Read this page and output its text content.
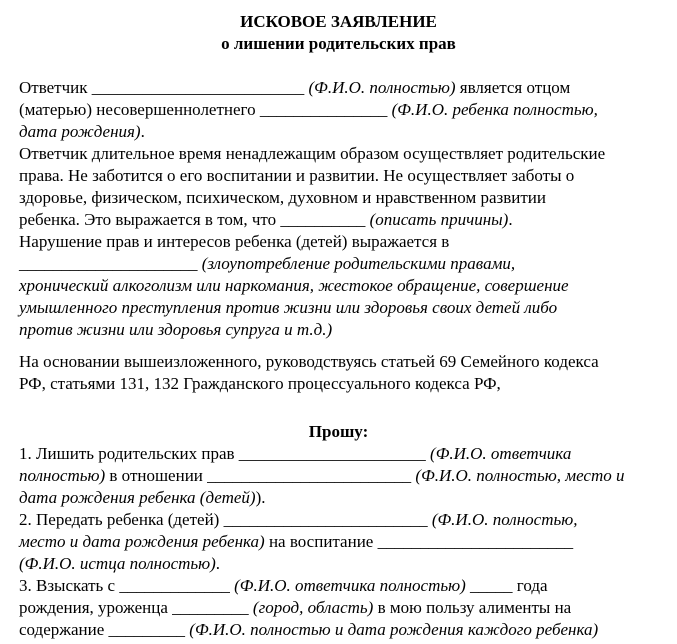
ИСКОВОЕ ЗАЯВЛЕНИЕ
о лишении родительских прав
Ответчик _________________________ (Ф.И.О. полностью) является отцом
(матерью) несовершеннолетнего _______________ (Ф.И.О. ребенка полностью,
дата рождения).
Ответчик длительное время ненадлежащим образом осуществляет родительские
права. Не заботится о его воспитании и развитии. Не осуществляет заботы о
здоровье, физическом, психическом, духовном и нравственном развитии
ребенка. Это выражается в том, что __________ (описать причины).
Нарушение прав и интересов ребенка (детей) выражается в
_____________________ (злоупотребление родительскими правами,
хронический алкоголизм или наркомания, жестокое обращение, совершение
умышленного преступления против жизни или здоровья своих детей либо
против жизни или здоровья супруга и т.д.)
На основании вышеизложенного, руководствуясь статьей 69 Семейного кодекса
РФ, статьями 131, 132 Гражданского процессуального кодекса РФ,
Прошу:
1. Лишить родительских прав ______________________ (Ф.И.О. ответчика
полностью) в отношении ________________________ (Ф.И.О. полностью, место и
дата рождения ребенка (детей)).
2. Передать ребенка (детей) ________________________ (Ф.И.О. полностью,
место и дата рождения ребенка) на воспитание _______________________
(Ф.И.О. истца полностью).
3. Взыскать с _____________ (Ф.И.О. ответчика полностью) _____ года
рождения, уроженца _________ (город, область) в мою пользу алименты на
содержание _________ (Ф.И.О. полностью и дата рождения каждого ребенка)
